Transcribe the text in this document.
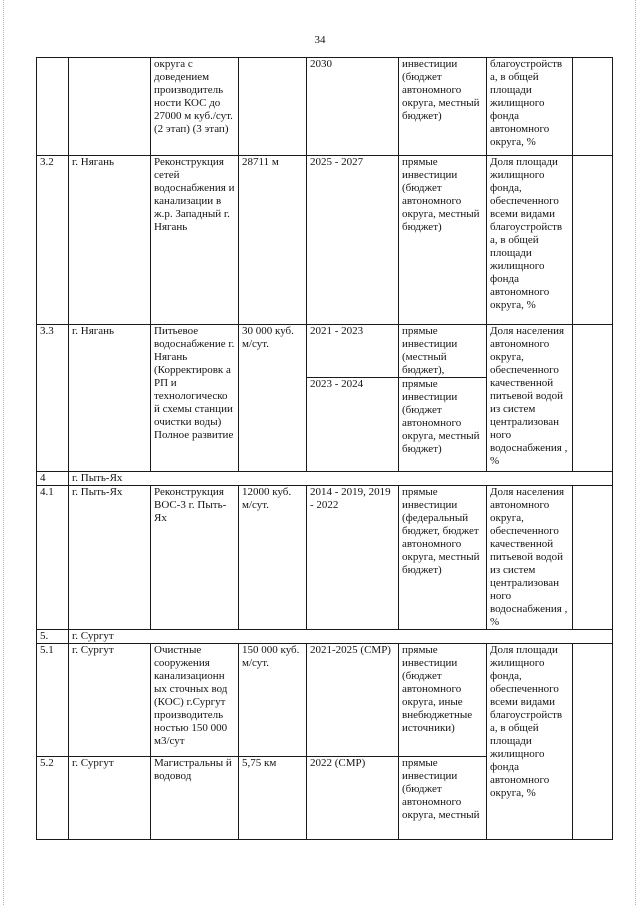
34
		округа с доведением производитель ности КОС до 27000 м куб./сут. (2 этап) (3 этап)		2030	инвестиции (бюджет автономного округа, местный бюджет)	благоустройств а, в общей площади жилищного фонда автономного округа, %	
3.2	г. Нягань	Реконструкция сетей водоснабжения и канализации в ж.р. Западный г. Нягань	28711 м	2025 - 2027	прямые инвестиции (бюджет автономного округа, местный бюджет)	Доля площади жилищного фонда, обеспеченного всеми видами благоустройств а, в общей площади жилищного фонда автономного округа, %	
3.3	г. Нягань	Питьевое водоснабжение г. Нягань (Корректировк а РП и технологическо й схемы станции очистки воды) Полное развитие	30 000 куб. м/сут.	2021 - 2023	прямые инвестиции (местный бюджет),	Доля населения автономного округа, обеспеченного качественной питьевой водой из систем централизован ного водоснабжения , %	
				2023 - 2024	прямые инвестиции (бюджет автономного округа, местный бюджет)		
4	г. Пыть-Ях						
4.1	г. Пыть-Ях	Реконструкция ВОС-3 г. Пыть-Ях	12000 куб. м/сут.	2014 - 2019, 2019 - 2022	прямые инвестиции (федеральный бюджет, бюджет автономного округа, местный бюджет)	Доля населения автономного округа, обеспеченного качественной питьевой водой из систем централизован ного водоснабжения , %	
5.	г. Сургут						
5.1	г. Сургут	Очистные сооружения канализационн ых сточных вод (КОС) г.Сургут производитель ностью 150 000 м3/сут	150 000 куб. м/сут.	2021-2025 (СМР)	прямые инвестиции (бюджет автономного округа, иные внебюджетные источники)	Доля площади жилищного фонда, обеспеченного всеми видами благоустройств а, в общей площади жилищного фонда автономного округа, %	
5.2	г. Сургут	Магистральны й водовод	5,75 км	2022 (СМР)	прямые инвестиции (бюджет автономного округа, местный		
